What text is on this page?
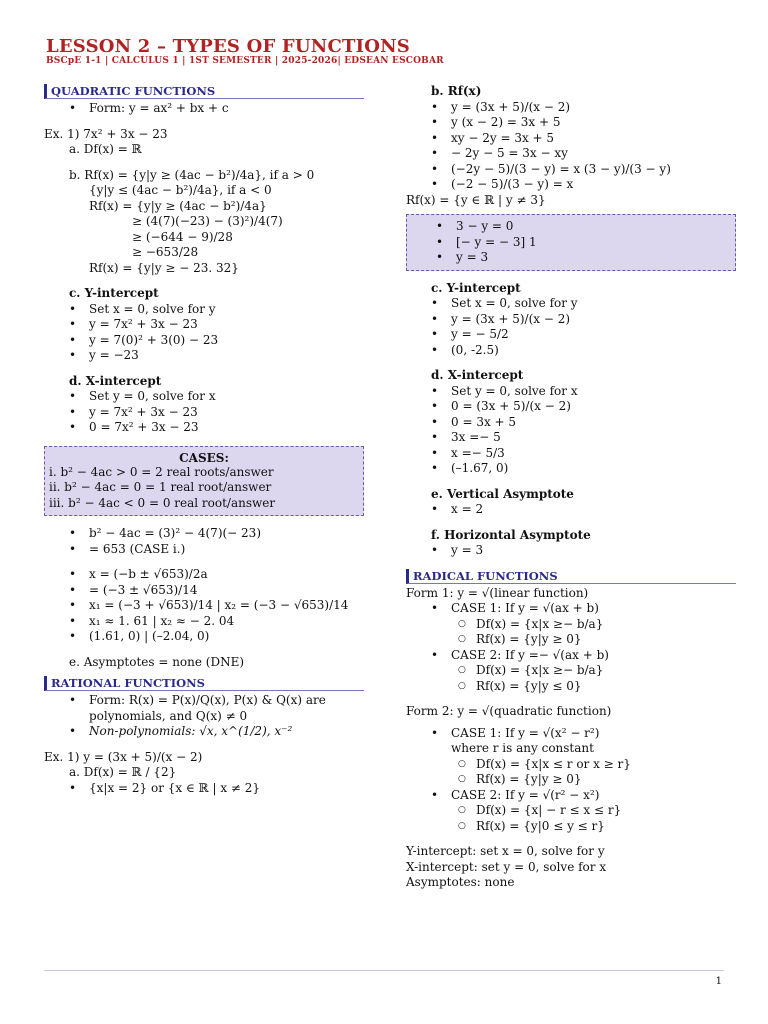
LESSON 2 – TYPES OF FUNCTIONS
BSCpE 1-1 | CALCULUS 1 | 1ST SEMESTER | 2025-2026| EDSEAN ESCOBAR
QUADRATIC FUNCTIONS
• Form: y = ax² + bx + c
Ex. 1) 7x² + 3x − 23
a. Df(x) = ℝ
b. Rf(x) = {y|y ≥ (4ac − b²)/4a}, if a > 0
{y|y ≤ (4ac − b²)/4a}, if a < 0
Rf(x) = {y|y ≥ (4ac − b²)/4a}
≥ (4(7)(−23) − (3)²)/4(7)
≥ (−644 − 9)/28
≥ −653/28
Rf(x) = {y|y ≥ − 23. 32}
c. Y-intercept
• Set x = 0, solve for y
• y = 7x² + 3x − 23
• y = 7(0)² + 3(0) − 23
• y = −23
d. X-intercept
• Set y = 0, solve for x
• y = 7x² + 3x − 23
• 0 = 7x² + 3x − 23
CASES:
i. b² − 4ac > 0 = 2 real roots/answer
ii. b² − 4ac = 0 = 1 real root/answer
iii. b² − 4ac < 0 = 0 real root/answer
• b² − 4ac = (3)² − 4(7)(− 23)
• = 653 (CASE i.)
• x = (−b ± √653)/2a
• = (−3 ± √653)/14
• x₁ = (−3 + √653)/14 | x₂ = (−3 − √653)/14
• x₁ ≈ 1. 61 | x₂ ≈ − 2. 04
• (1.61, 0) | (–2.04, 0)
e. Asymptotes = none (DNE)
RATIONAL FUNCTIONS
• Form: R(x) = P(x)/Q(x), P(x) & Q(x) are
polynomials, and Q(x) ≠ 0
• Non-polynomials: √x, x^(1/2), x⁻²
Ex. 1) y = (3x + 5)/(x − 2)
a. Df(x) = ℝ / {2}
• {x|x = 2} or {x ∈ ℝ | x ≠ 2}
b. Rf(x)
• y = (3x + 5)/(x − 2)
• y (x − 2) = 3x + 5
• xy − 2y = 3x + 5
• − 2y − 5 = 3x − xy
• (−2y − 5)/(3 − y) = x (3 − y)/(3 − y)
• (−2 − 5)/(3 − y) = x
Rf(x) = {y ∈ ℝ | y ≠ 3}
• 3 − y = 0
• [− y = − 3] 1
• y = 3
c. Y-intercept
• Set x = 0, solve for y
• y = (3x + 5)/(x − 2)
• y = − 5/2
• (0, -2.5)
d. X-intercept
• Set y = 0, solve for x
• 0 = (3x + 5)/(x − 2)
• 0 = 3x + 5
• 3x =− 5
• x =− 5/3
• (–1.67, 0)
e. Vertical Asymptote
• x = 2
f. Horizontal Asymptote
• y = 3
RADICAL FUNCTIONS
Form 1: y = √(linear function)
• CASE 1: If y = √(ax + b)
○ Df(x) = {x|x ≥− b/a}
○ Rf(x) = {y|y ≥ 0}
• CASE 2: If y =− √(ax + b)
○ Df(x) = {x|x ≥− b/a}
○ Rf(x) = {y|y ≤ 0}
Form 2: y = √(quadratic function)
• CASE 1: If y = √(x² − r²)
where r is any constant
○ Df(x) = {x|x ≤ r or x ≥ r}
○ Rf(x) = {y|y ≥ 0}
• CASE 2: If y = √(r² − x²)
○ Df(x) = {x| − r ≤ x ≤ r}
○ Rf(x) = {y|0 ≤ y ≤ r}
Y-intercept: set x = 0, solve for y
X-intercept: set y = 0, solve for x
Asymptotes: none
1
